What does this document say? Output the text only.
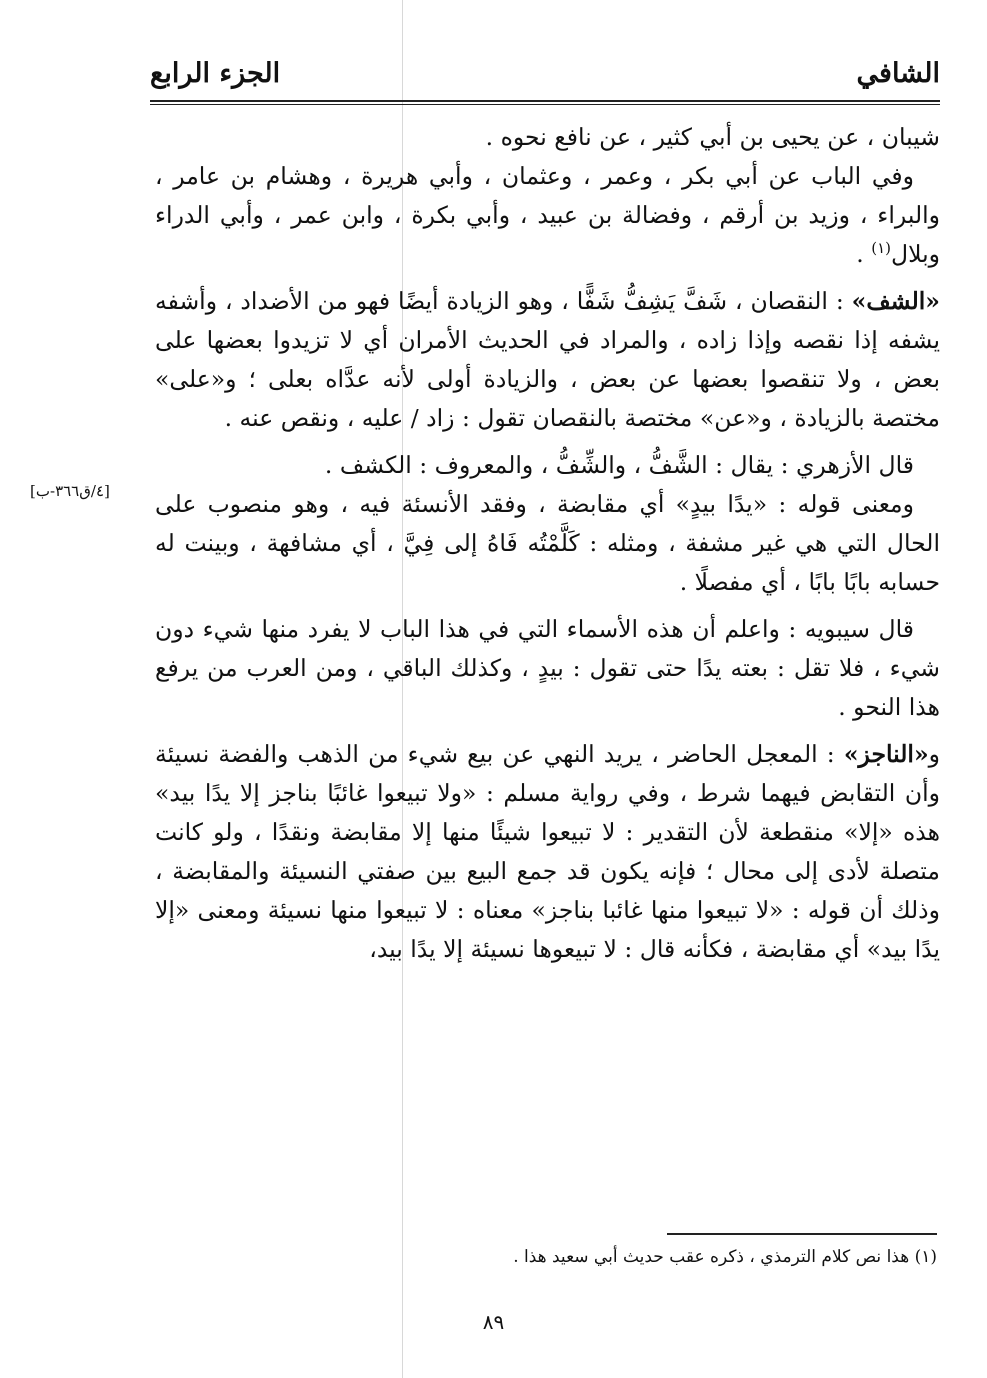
الشافي
الجزء الرابع
[٤/ق٣٦٦-ب]

شيبان ، عن يحيى بن أبي كثير ، عن نافع نحوه .

وفي الباب عن أبي بكر ، وعمر ، وعثمان ، وأبي هريرة ، وهشام بن عامر ، والبراء ، وزيد بن أرقم ، وفضالة بن عبيد ، وأبي بكرة ، وابن عمر ، وأبي الدراء وبلال$^{(١)}$ .

«الشف» : النقصان ، شَفَّ يَشِفُّ شَفًّا ، وهو الزيادة أيضًا فهو من الأضداد ، وأشفه يشفه إذا نقصه وإذا زاده ، والمراد في الحديث الأمران أي لا تزيدوا بعضها على بعض ، ولا تنقصوا بعضها عن بعض ، والزيادة أولى لأنه عدَّاه بعلى ؛ و«على» مختصة بالزيادة ، و«عن» مختصة بالنقصان تقول : زاد / عليه ، ونقص عنه .

قال الأزهري : يقال : الشَّفُّ ، والشِّفُّ ، والمعروف : الكشف .

ومعنى قوله : «يدًا بيدٍ» أي مقابضة ، وفقد الأنسئة فيه ، وهو منصوب على الحال التي هي غير مشفة ، ومثله : كَلَّمْتُه فَاهُ إلى فِيَّ ، أي مشافهة ، وبينت له حسابه بابًا بابًا ، أي مفصلًا .

قال سيبويه : واعلم أن هذه الأسماء التي في هذا الباب لا يفرد منها شيء دون شيء ، فلا تقل : بعته يدًا حتى تقول : بيدٍ ، وكذلك الباقي ، ومن العرب من يرفع هذا النحو .

و«الناجز» : المعجل الحاضر ، يريد النهي عن بيع شيء من الذهب والفضة نسيئة وأن التقابض فيهما شرط ، وفي رواية مسلم : «ولا تبيعوا غائبًا بناجز إلا يدًا بيد» هذه «إلا» منقطعة لأن التقدير : لا تبيعوا شيئًا منها إلا مقابضة ونقدًا ، ولو كانت متصلة لأدى إلى محال ؛ فإنه يكون قد جمع البيع بين صفتي النسيئة والمقابضة ، وذلك أن قوله : «لا تبيعوا منها غائبا بناجز» معناه : لا تبيعوا منها نسيئة ومعنى «إلا يدًا بيد» أي مقابضة ، فكأنه قال : لا تبيعوها نسيئة إلا يدًا بيد،

(١) هذا نص كلام الترمذي ، ذكره عقب حديث أبي سعيد هذا .
٨٩
